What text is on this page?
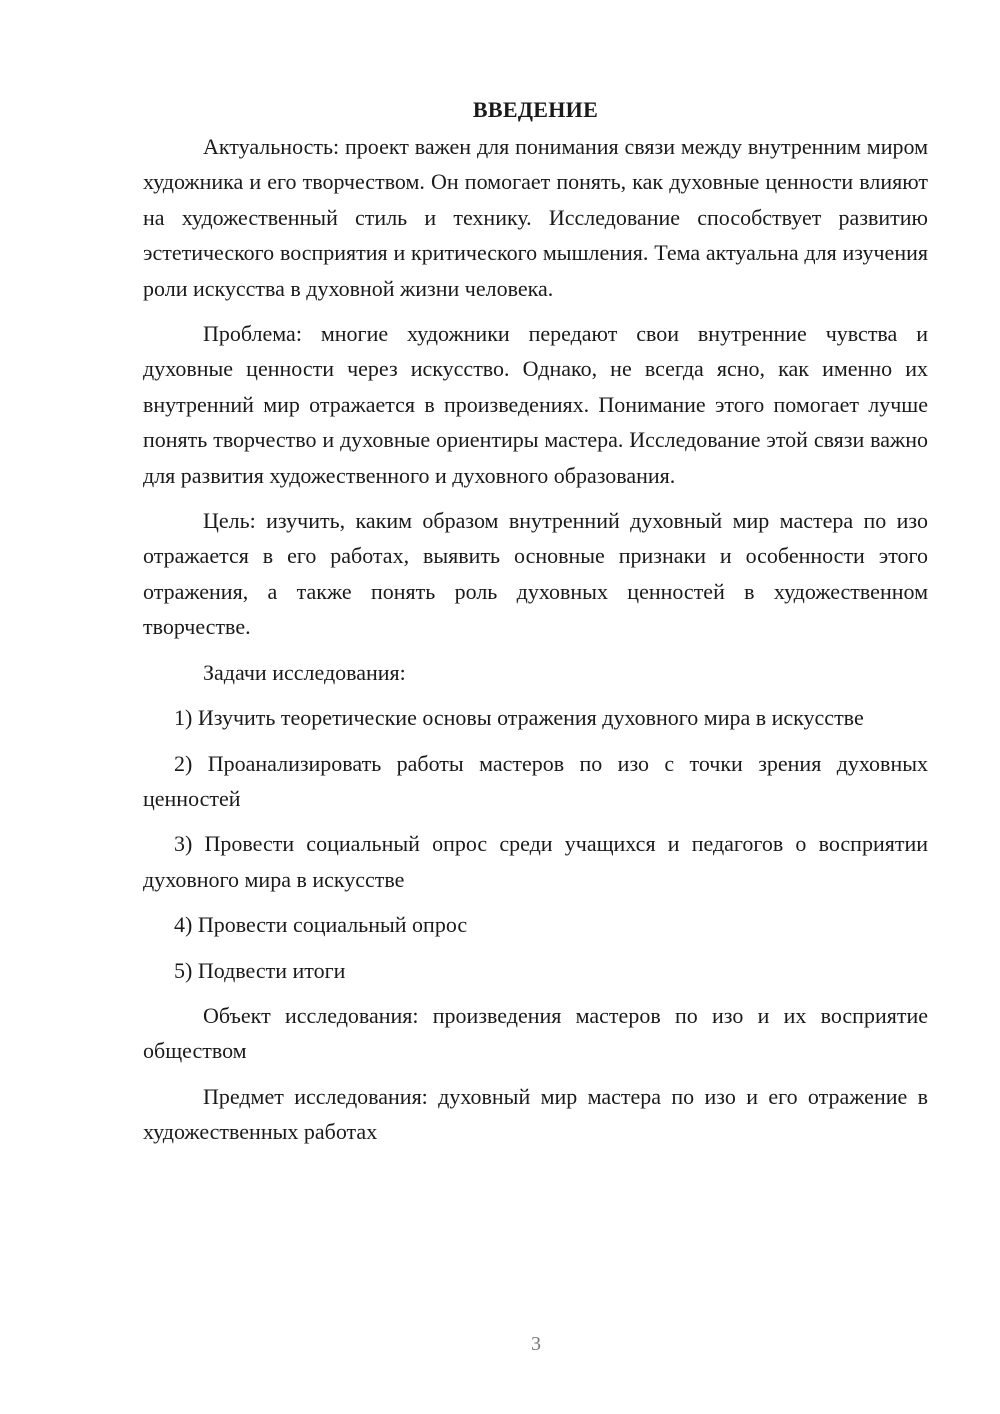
ВВЕДЕНИЕ

Актуальность: проект важен для понимания связи между внутренним миром художника и его творчеством. Он помогает понять, как духовные ценности влияют на художественный стиль и технику. Исследование способствует развитию эстетического восприятия и критического мышления. Тема актуальна для изучения роли искусства в духовной жизни человека.

Проблема: многие художники передают свои внутренние чувства и духовные ценности через искусство. Однако, не всегда ясно, как именно их внутренний мир отражается в произведениях. Понимание этого помогает лучше понять творчество и духовные ориентиры мастера. Исследование этой связи важно для развития художественного и духовного образования.

Цель: изучить, каким образом внутренний духовный мир мастера по изо отражается в его работах, выявить основные признаки и особенности этого отражения, а также понять роль духовных ценностей в художественном творчестве.

Задачи исследования:

1) Изучить теоретические основы отражения духовного мира в искусстве

2) Проанализировать работы мастеров по изо с точки зрения духовных ценностей

3) Провести социальный опрос среди учащихся и педагогов о восприятии духовного мира в искусстве

4) Провести социальный опрос

5) Подвести итоги

Объект исследования: произведения мастеров по изо и их восприятие обществом

Предмет исследования: духовный мир мастера по изо и его отражение в художественных работах

3
